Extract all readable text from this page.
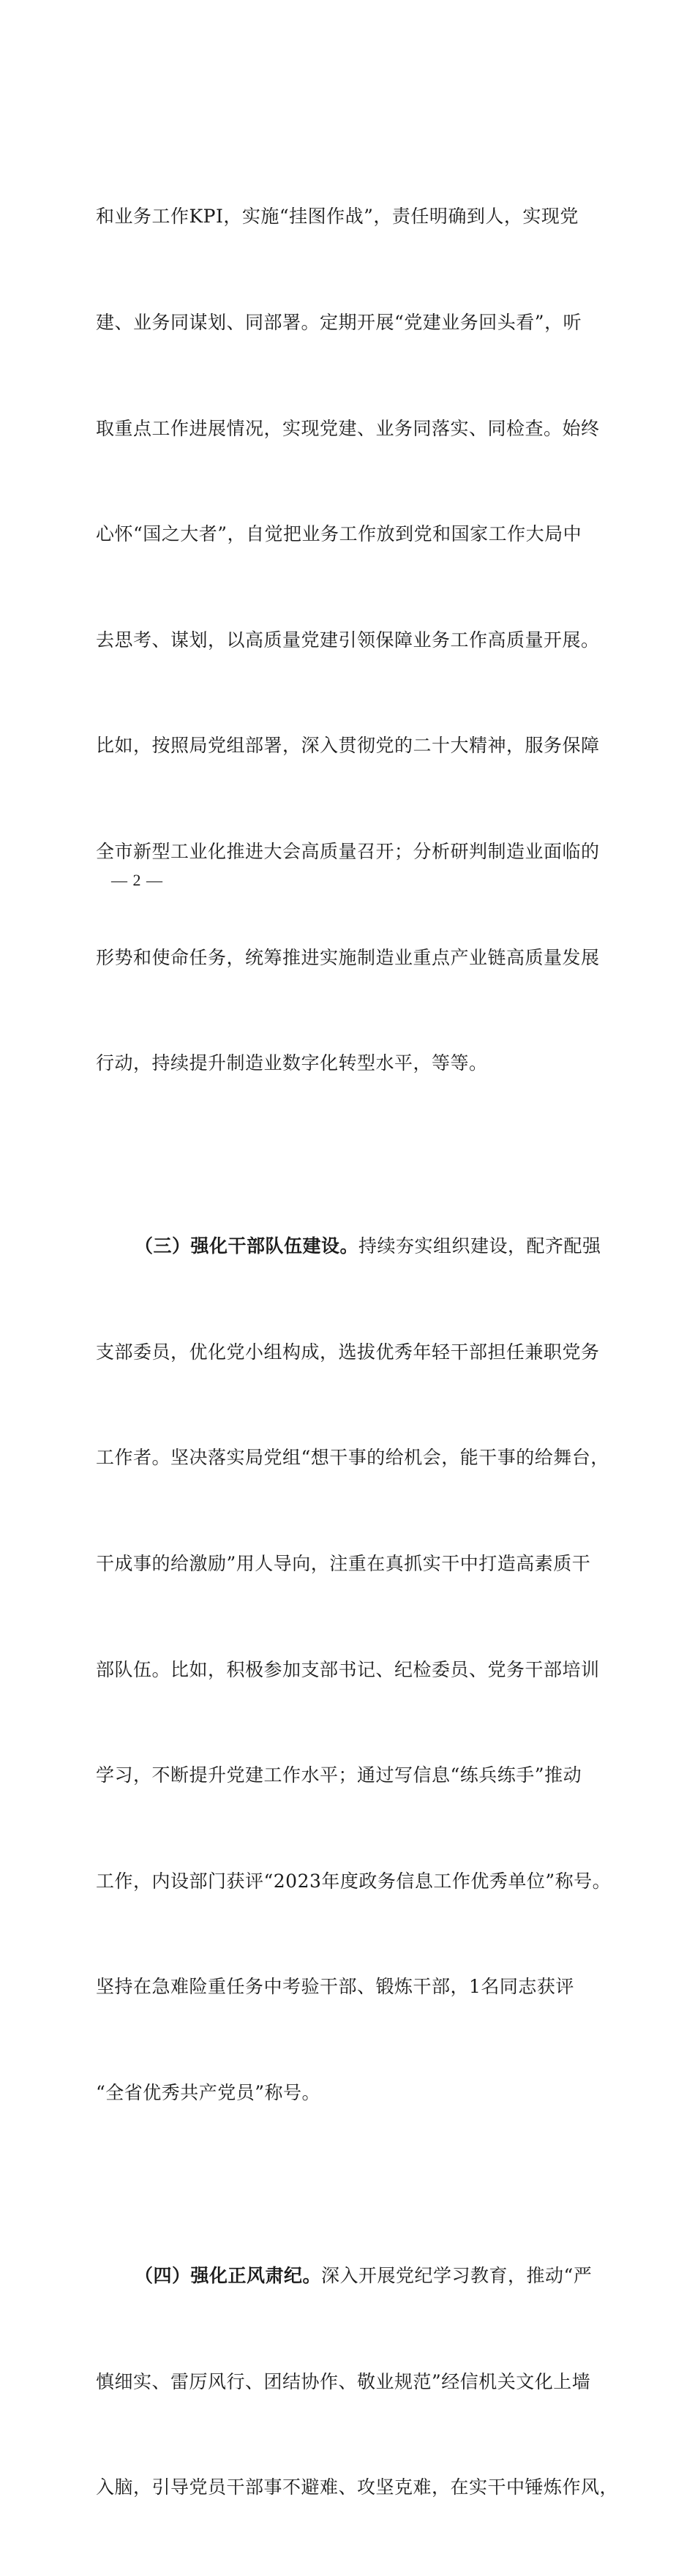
和业务工作KPI，实施“挂图作战”，责任明确到人，实现党

建、业务同谋划、同部署。定期开展“党建业务回头看”，听

取重点工作进展情况，实现党建、业务同落实、同检查。始终

心怀“国之大者”，自觉把业务工作放到党和国家工作大局中

去思考、谋划，以高质量党建引领保障业务工作高质量开展。

比如，按照局党组部署，深入贯彻党的二十大精神，服务保障

全市新型工业化推进大会高质量召开；分析研判制造业面临的

形势和使命任务，统筹推进实施制造业重点产业链高质量发展

行动，持续提升制造业数字化转型水平，等等。

（三）强化干部队伍建设。持续夯实组织建设，配齐配强

支部委员，优化党小组构成，选拔优秀年轻干部担任兼职党务

工作者。坚决落实局党组“想干事的给机会，能干事的给舞台，

干成事的给激励”用人导向，注重在真抓实干中打造高素质干

部队伍。比如，积极参加支部书记、纪检委员、党务干部培训

学习，不断提升党建工作水平；通过写信息“练兵练手”推动

工作，内设部门获评“2023年度政务信息工作优秀单位”称号。

坚持在急难险重任务中考验干部、锻炼干部，1名同志获评

“全省优秀共产党员”称号。

（四）强化正风肃纪。深入开展党纪学习教育，推动“严

慎细实、雷厉风行、团结协作、敬业规范”经信机关文化上墙

入脑，引导党员干部事不避难、攻坚克难，在实干中锤炼作风，

— 2 —
